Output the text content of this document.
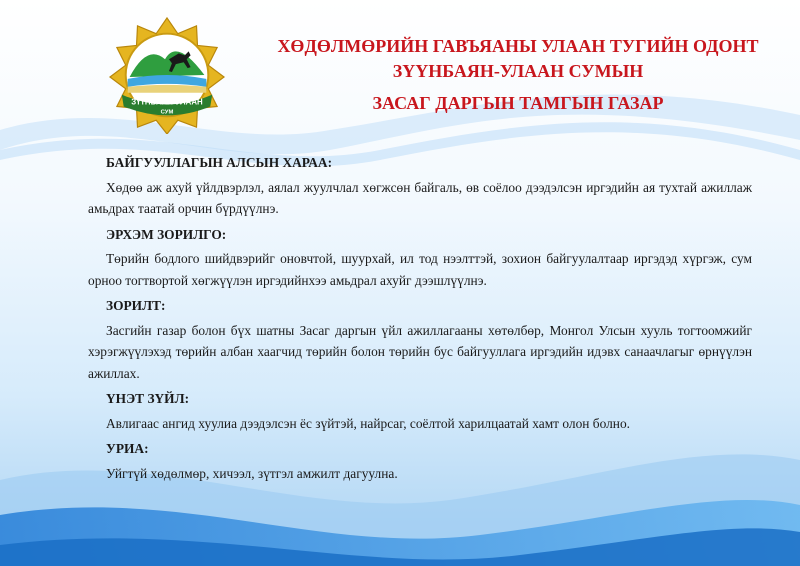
ЗҮҮНБАЯН-УЛААН
СУМ
ХӨДӨЛМӨРИЙН ГАВЪЯАНЫ УЛААН ТУГИЙН ОДОНТ
ЗҮҮНБАЯН-УЛААН СУМЫН
ЗАСАГ ДАРГЫН ТАМГЫН ГАЗАР
БАЙГУУЛЛАГЫН АЛСЫН ХАРАА:
Хөдөө аж ахуй үйлдвэрлэл, аялал жуулчлал хөгжсөн байгаль, өв соёлоо дээдэлсэн иргэдийн ая тухтай ажиллаж амьдрах таатай орчин бүрдүүлнэ.
ЭРХЭМ ЗОРИЛГО:
Төрийн бодлого шийдвэрийг оновчтой, шуурхай, ил тод нээлттэй, зохион байгуулалтаар иргэдэд хүргэж, сум орноо тогтвортой хөгжүүлэн иргэдийнхээ амьдрал ахуйг дээшлүүлнэ.
ЗОРИЛТ:
Засгийн газар болон бүх шатны Засаг даргын үйл ажиллагааны хөтөлбөр, Монгол Улсын хууль тогтоомжийг хэрэгжүүлэхэд төрийн албан хаагчид төрийн болон төрийн бус байгууллага иргэдийн идэвх санаачлагыг өрнүүлэн ажиллах.
ҮНЭТ ЗҮЙЛ:
Авлигаас ангид хуулиа дээдэлсэн ёс зүйтэй, найрсаг, соёлтой харилцаатай хамт олон болно.
УРИА:
Уйгтүй хөдөлмөр, хичээл, зүтгэл амжилт дагуулна.
